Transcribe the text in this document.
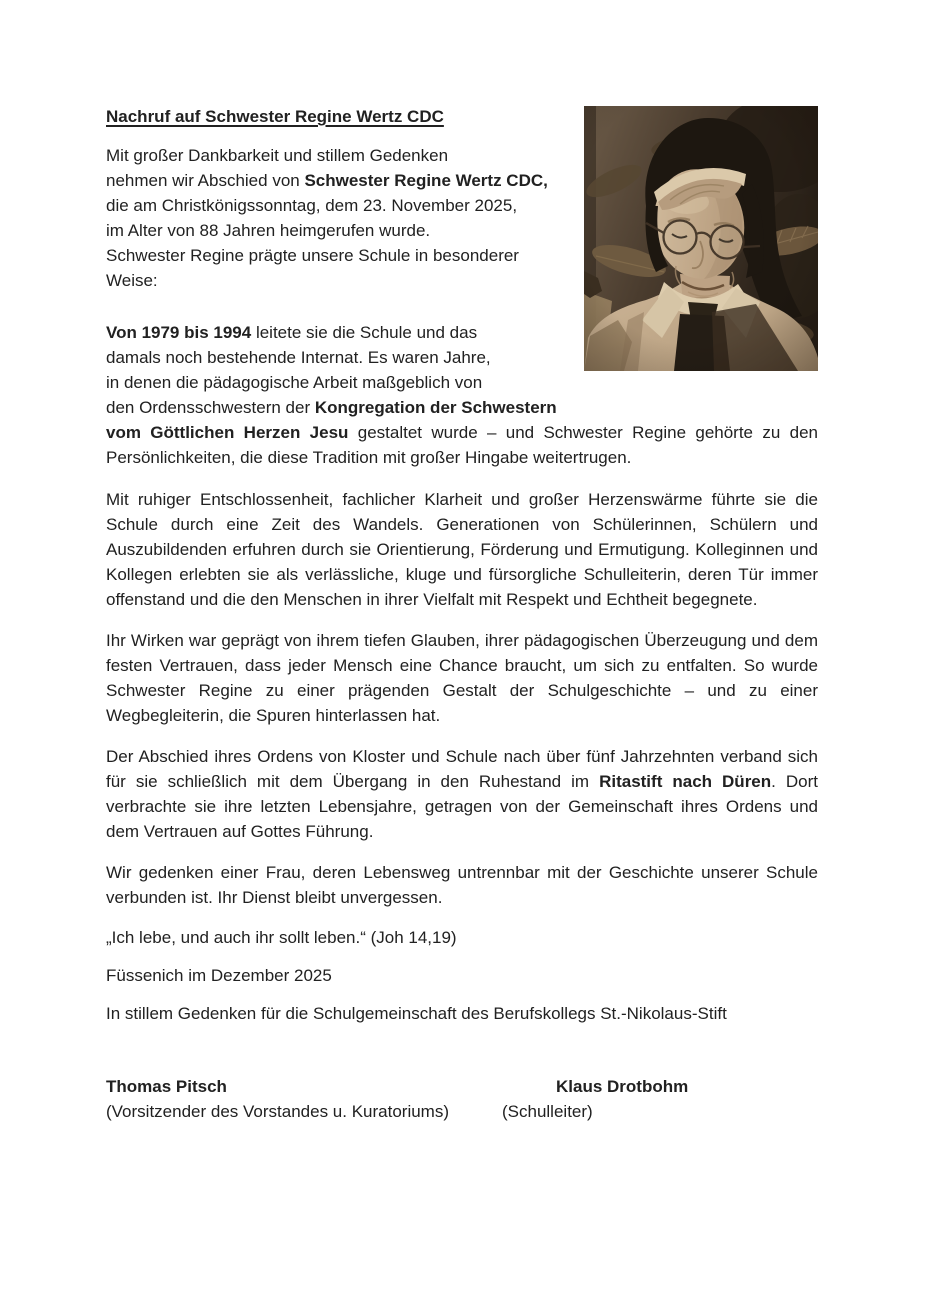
Nachruf auf Schwester Regine Wertz CDC

Mit großer Dankbarkeit und stillem Gedenken
nehmen wir Abschied von Schwester Regine Wertz CDC,
die am Christkönigssonntag, dem 23. November 2025,
im Alter von 88 Jahren heimgerufen wurde.
Schwester Regine prägte unsere Schule in besonderer
Weise:

Von 1979 bis 1994 leitete sie die Schule und das
damals noch bestehende Internat. Es waren Jahre,
in denen die pädagogische Arbeit maßgeblich von
den Ordensschwestern der Kongregation der Schwestern
vom Göttlichen Herzen Jesu gestaltet wurde – und Schwester Regine gehörte zu den Persönlichkeiten, die diese Tradition mit großer Hingabe weitertrugen.

Mit ruhiger Entschlossenheit, fachlicher Klarheit und großer Herzenswärme führte sie die Schule durch eine Zeit des Wandels. Generationen von Schülerinnen, Schülern und Auszubildenden erfuhren durch sie Orientierung, Förderung und Ermutigung. Kolleginnen und Kollegen erlebten sie als verlässliche, kluge und fürsorgliche Schulleiterin, deren Tür immer offenstand und die den Menschen in ihrer Vielfalt mit Respekt und Echtheit begegnete.

Ihr Wirken war geprägt von ihrem tiefen Glauben, ihrer pädagogischen Überzeugung und dem festen Vertrauen, dass jeder Mensch eine Chance braucht, um sich zu entfalten. So wurde Schwester Regine zu einer prägenden Gestalt der Schulgeschichte – und zu einer Wegbegleiterin, die Spuren hinterlassen hat.

Der Abschied ihres Ordens von Kloster und Schule nach über fünf Jahrzehnten verband sich für sie schließlich mit dem Übergang in den Ruhestand im Ritastift nach Düren. Dort verbrachte sie ihre letzten Lebensjahre, getragen von der Gemeinschaft ihres Ordens und dem Vertrauen auf Gottes Führung.

Wir gedenken einer Frau, deren Lebensweg untrennbar mit der Geschichte unserer Schule verbunden ist. Ihr Dienst bleibt unvergessen.

„Ich lebe, und auch ihr sollt leben.“ (Joh 14,19)

Füssenich im Dezember 2025

In stillem Gedenken für die Schulgemeinschaft des Berufskollegs St.-Nikolaus-Stift

Thomas Pitsch	Klaus Drotbohm
(Vorsitzender des Vorstandes u. Kuratoriums)	(Schulleiter)
